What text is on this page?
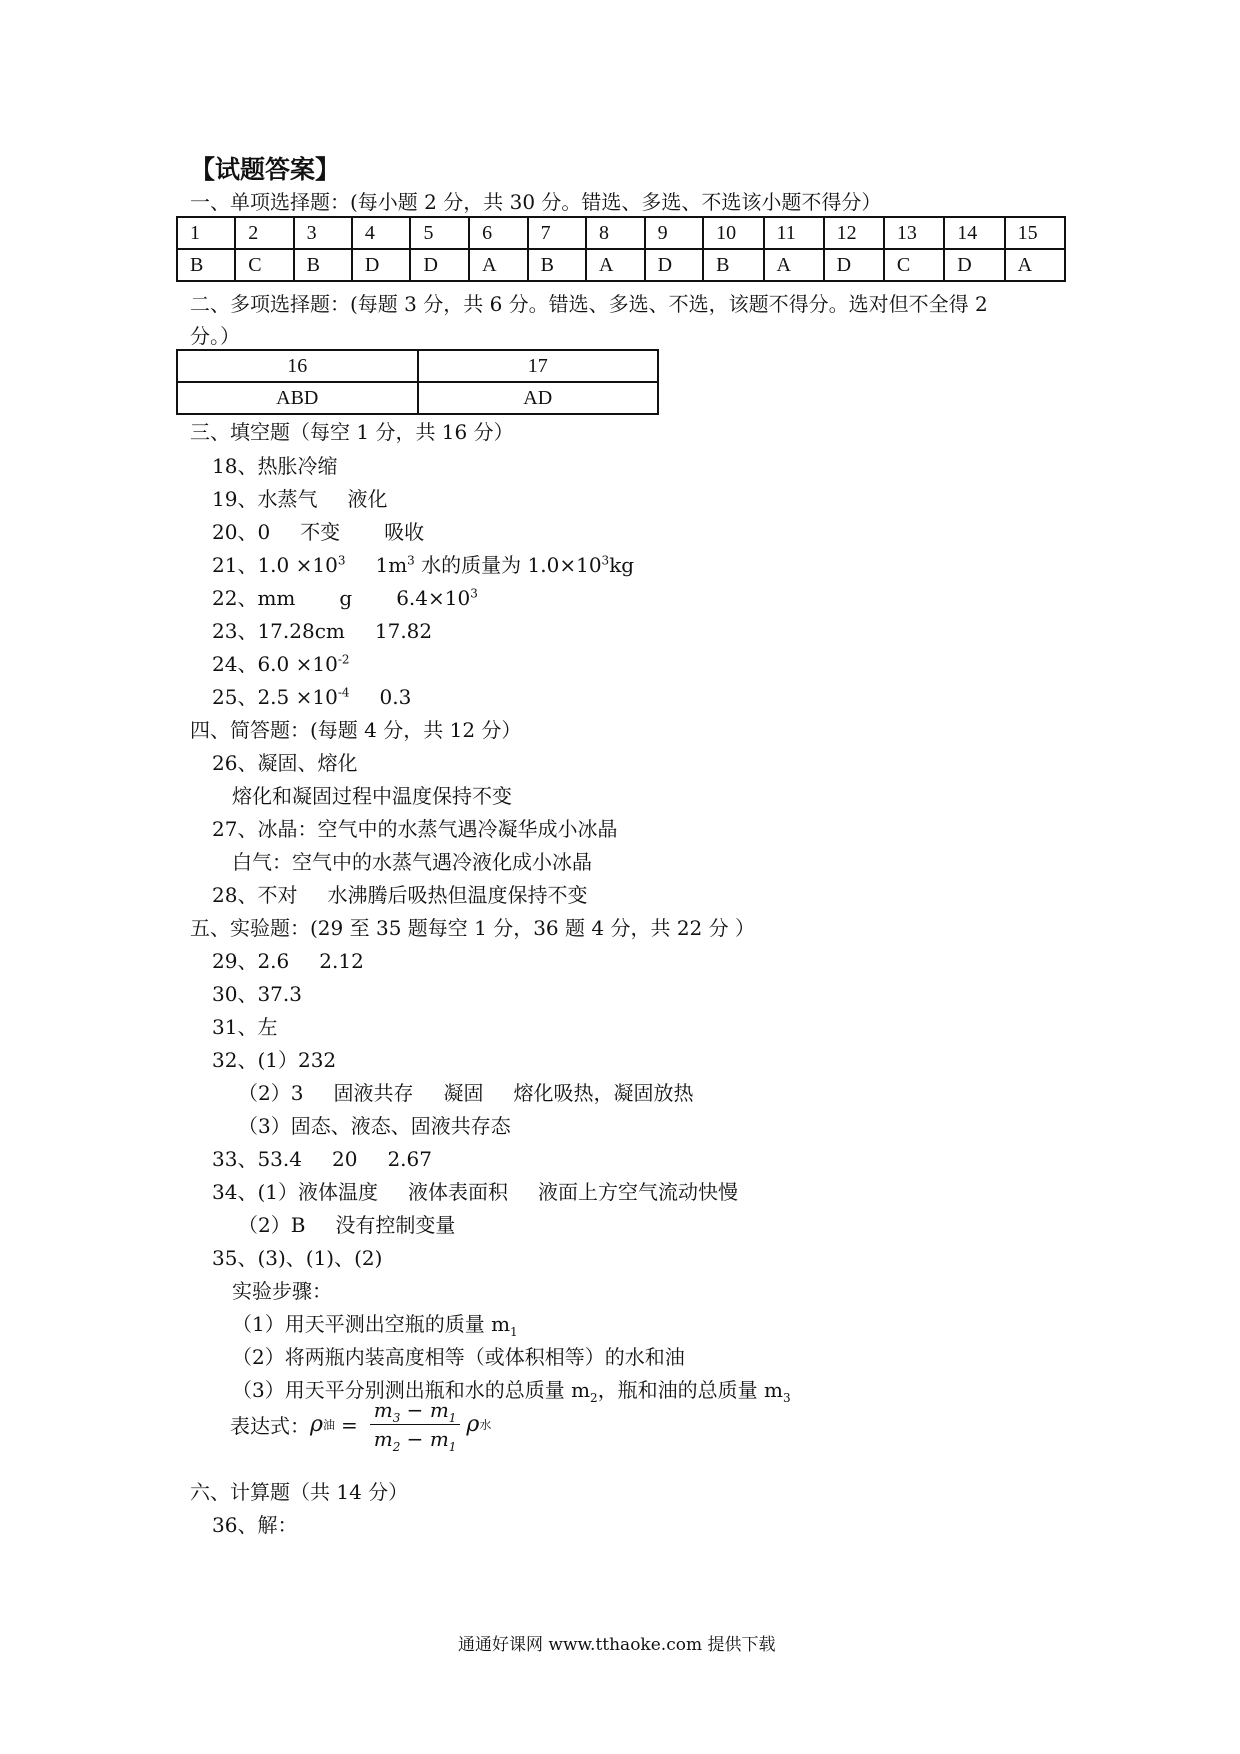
【试题答案】
一、单项选择题：(每小题 2 分，共 30 分。错选、多选、不选该小题不得分）
1	2	3	4	5	6	7	8	9	10	11	12	13	14	15
B	C	B	D	D	A	B	A	D	B	A	D	C	D	A
二、多项选择题：(每题 3 分，共 6 分。错选、多选、不选，该题不得分。选对但不全得 2
分。）
16	17
ABD	AD
三、填空题（每空 1 分，共 16 分）
18、热胀冷缩
19、水蒸气 液化
20、0 不变 吸收
21、$1.0 \times 10^3$ $1m^3$ 水的质量为 $1.0\times 10^3kg$
22、mm g $6.4\times 10^3$
23、17.28cm 17.82
24、$6.0 \times 10^{-2}$
25、$2.5 \times 10^{-4}$ 0.3
四、简答题：(每题 4 分，共 12 分）
26、凝固、熔化
熔化和凝固过程中温度保持不变
27、冰晶：空气中的水蒸气遇冷凝华成小冰晶
白气：空气中的水蒸气遇冷液化成小冰晶
28、不对 水沸腾后吸热但温度保持不变
五、实验题：(29 至 35 题每空 1 分，36 题 4 分，共 22 分 ）
29、2.6 2.12
30、37.3
31、左
32、(1）232
（2）3 固液共存 凝固 熔化吸热，凝固放热
（3）固态、液态、固液共存态
33、53.4 20 2.67
34、(1）液体温度 液体表面积 液面上方空气流动快慢
（2）B 没有控制变量
35、(3)、(1)、(2)
实验步骤：
（1）用天平测出空瓶的质量 $m_1$
（2）将两瓶内装高度相等（或体积相等）的水和油
（3）用天平分别测出瓶和水的总质量 $m_2$，瓶和油的总质量 $m_3$
表达式： ρ 油 = $\frac{m_3 - m_1}{m_2 - m_1}$ ρ 水
六、计算题（共 14 分）
36、解：
通通好课网 www.tthaoke.com 提供下载
